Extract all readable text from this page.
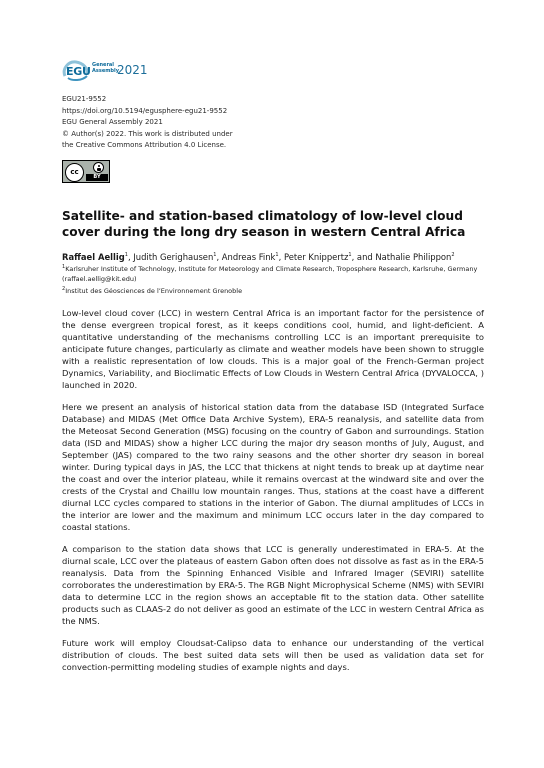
EGU General
Assembly
2021
EGU21-9552
https://doi.org/10.5194/egusphere-egu21-9552
EGU General Assembly 2021
© Author(s) 2022. This work is distributed under
the Creative Commons Attribution 4.0 License.
cc
BY
Satellite- and station-based climatology of low-level cloud cover during the long dry season in western Central Africa
Raffael Aellig$^1$, Judith Gerighausen$^1$, Andreas Fink$^1$, Peter Knippertz$^1$, and Nathalie Philippon$^2$
$^1$Karlsruher Institute of Technology, Institute for Meteorology and Climate Research, Troposphere Research, Karlsruhe, Germany (raffael.aellig@kit.edu)
$^2$Institut des Géosciences de l’Environnement Grenoble

Low-level cloud cover (LCC) in western Central Africa is an important factor for the persistence of the dense evergreen tropical forest, as it keeps conditions cool, humid, and light-deficient. A quantitative understanding of the mechanisms controlling LCC is an important prerequisite to anticipate future changes, particularly as climate and weather models have been shown to struggle with a realistic representation of low clouds. This is a major goal of the French-German project Dynamics, Variability, and Bioclimatic Effects of Low Clouds in Western Central Africa (DYVALOCCA, ) launched in 2020.

Here we present an analysis of historical station data from the database ISD (Integrated Surface Database) and MIDAS (Met Office Data Archive System), ERA-5 reanalysis, and satellite data from the Meteosat Second Generation (MSG) focusing on the country of Gabon and surroundings. Station data (ISD and MIDAS) show a higher LCC during the major dry season months of July, August, and September (JAS) compared to the two rainy seasons and the other shorter dry season in boreal winter. During typical days in JAS, the LCC that thickens at night tends to break up at daytime near the coast and over the interior plateau, while it remains overcast at the windward site and over the crests of the Crystal and Chaillu low mountain ranges. Thus, stations at the coast have a different diurnal LCC cycles compared to stations in the interior of Gabon. The diurnal amplitudes of LCCs in the interior are lower and the maximum and minimum LCC occurs later in the day compared to coastal stations.

A comparison to the station data shows that LCC is generally underestimated in ERA-5. At the diurnal scale, LCC over the plateaus of eastern Gabon often does not dissolve as fast as in the ERA-5 reanalysis. Data from the Spinning Enhanced Visible and Infrared Imager (SEVIRI) satellite corroborates the underestimation by ERA-5. The RGB Night Microphysical Scheme (NMS) with SEVIRI data to determine LCC in the region shows an acceptable fit to the station data. Other satellite products such as CLAAS-2 do not deliver as good an estimate of the LCC in western Central Africa as the NMS.

Future work will employ Cloudsat-Calipso data to enhance our understanding of the vertical distribution of clouds. The best suited data sets will then be used as validation data set for convection-permitting modeling studies of example nights and days.
